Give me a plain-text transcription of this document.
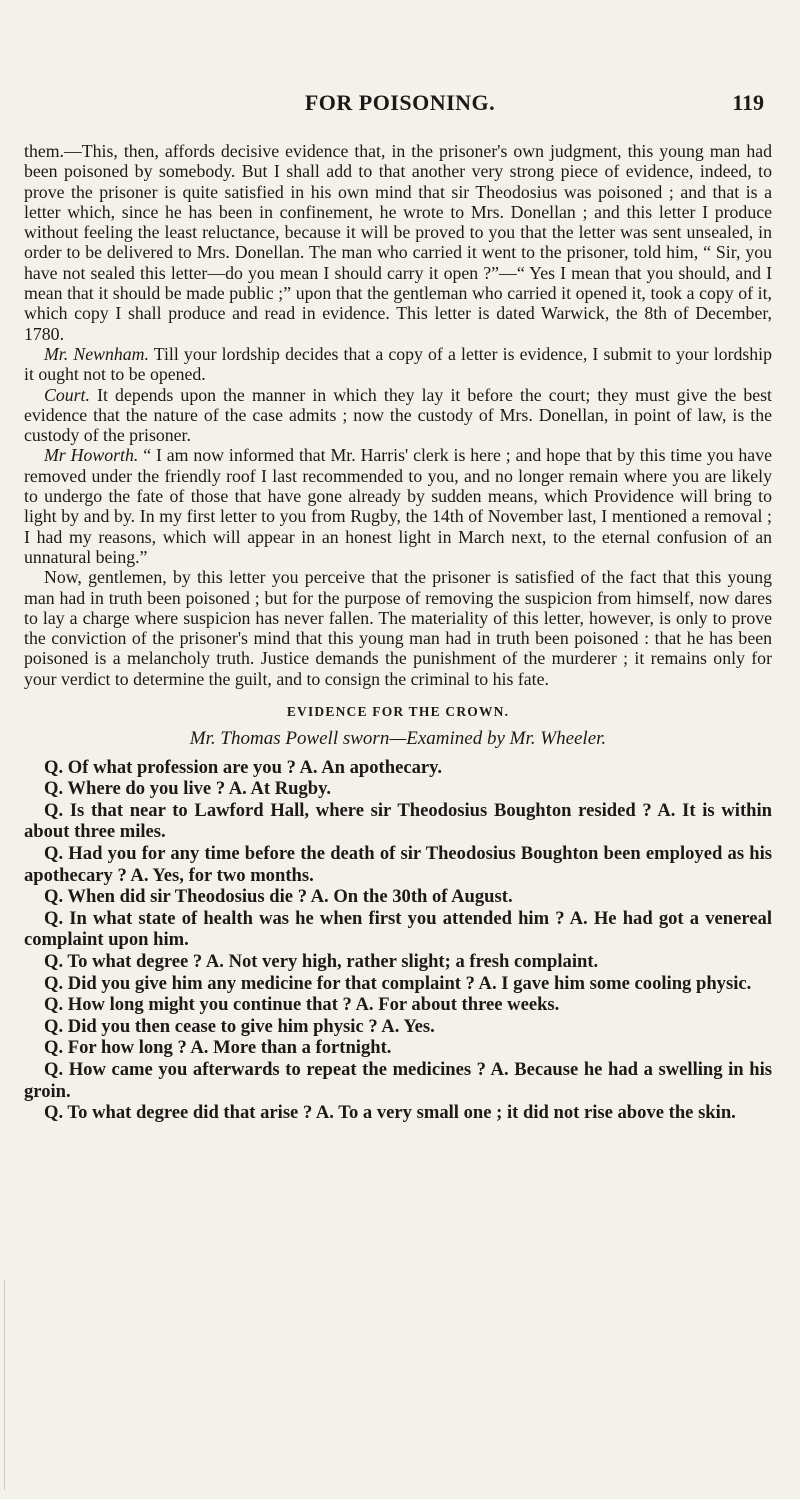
FOR POISONING.	119

them.—This, then, affords decisive evidence that, in the prisoner's own judgment, this young man had been poisoned by somebody. But I shall add to that another very strong piece of evidence, indeed, to prove the prisoner is quite satisfied in his own mind that sir Theodosius was poisoned ; and that is a letter which, since he has been in confinement, he wrote to Mrs. Donellan ; and this letter I produce without feeling the least reluctance, because it will be proved to you that the letter was sent unsealed, in order to be delivered to Mrs. Donellan. The man who carried it went to the prisoner, told him, “ Sir, you have not sealed this letter—do you mean I should carry it open ?”—“ Yes I mean that you should, and I mean that it should be made public ;” upon that the gentleman who carried it opened it, took a copy of it, which copy I shall produce and read in evidence. This letter is dated Warwick, the 8th of December, 1780.

Mr. Newnham. Till your lordship decides that a copy of a letter is evidence, I submit to your lordship it ought not to be opened.

Court. It depends upon the manner in which they lay it before the court; they must give the best evidence that the nature of the case admits ; now the custody of Mrs. Donellan, in point of law, is the custody of the prisoner.

Mr Howorth. “ I am now informed that Mr. Harris' clerk is here ; and hope that by this time you have removed under the friendly roof I last recommended to you, and no longer remain where you are likely to undergo the fate of those that have gone already by sudden means, which Providence will bring to light by and by. In my first letter to you from Rugby, the 14th of November last, I mentioned a removal ; I had my reasons, which will appear in an honest light in March next, to the eternal confusion of an unnatural being.”

Now, gentlemen, by this letter you perceive that the prisoner is satisfied of the fact that this young man had in truth been poisoned ; but for the purpose of removing the suspicion from himself, now dares to lay a charge where suspicion has never fallen. The materiality of this letter, however, is only to prove the conviction of the prisoner's mind that this young man had in truth been poisoned : that he has been poisoned is a melancholy truth. Justice demands the punishment of the murderer ; it remains only for your verdict to determine the guilt, and to consign the criminal to his fate.

EVIDENCE FOR THE CROWN.
Mr. Thomas Powell sworn—Examined by Mr. Wheeler.

Q. Of what profession are you ? A. An apothecary.

Q. Where do you live ? A. At Rugby.

Q. Is that near to Lawford Hall, where sir Theodosius Boughton resided ? A. It is within about three miles.

Q. Had you for any time before the death of sir Theodosius Boughton been employed as his apothecary ? A. Yes, for two months.

Q. When did sir Theodosius die ? A. On the 30th of August.

Q. In what state of health was he when first you attended him ? A. He had got a venereal complaint upon him.

Q. To what degree ? A. Not very high, rather slight; a fresh complaint.

Q. Did you give him any medicine for that complaint ? A. I gave him some cooling physic.

Q. How long might you continue that ? A. For about three weeks.

Q. Did you then cease to give him physic ? A. Yes.

Q. For how long ? A. More than a fortnight.

Q. How came you afterwards to repeat the medicines ? A. Because he had a swelling in his groin.

Q. To what degree did that arise ? A. To a very small one ; it did not rise above the skin.
